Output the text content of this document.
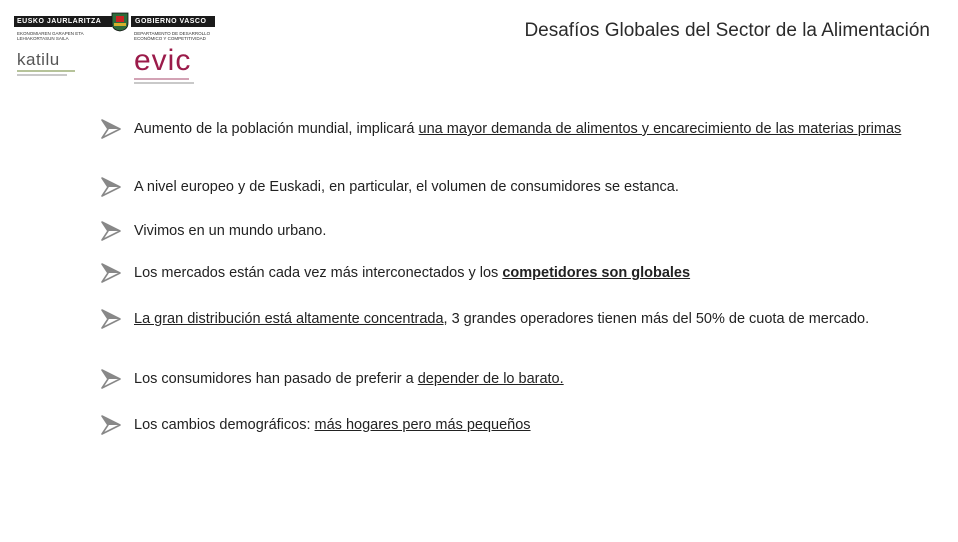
EUSKO JAURLARITZA	GOBIERNO VASCO
EKONOMIAREN GARAPEN ETA LEHIAKORTASUN SAILA
DEPARTAMENTO DE DESARROLLO ECONÓMICO Y COMPETITIVIDAD
katilu evic
Desafíos Globales del Sector de la Alimentación
Aumento de la población mundial, implicará una mayor demanda de alimentos y encarecimiento de las materias primas
A nivel europeo y de Euskadi, en particular, el volumen de consumidores se estanca.
Vivimos en un mundo urbano.
Los mercados están cada vez más interconectados y los competidores son globales
La gran distribución está altamente concentrada, 3 grandes operadores tienen más del 50% de cuota de mercado.
Los consumidores han pasado de preferir a depender de lo barato.
Los cambios demográficos: más hogares pero más pequeños
